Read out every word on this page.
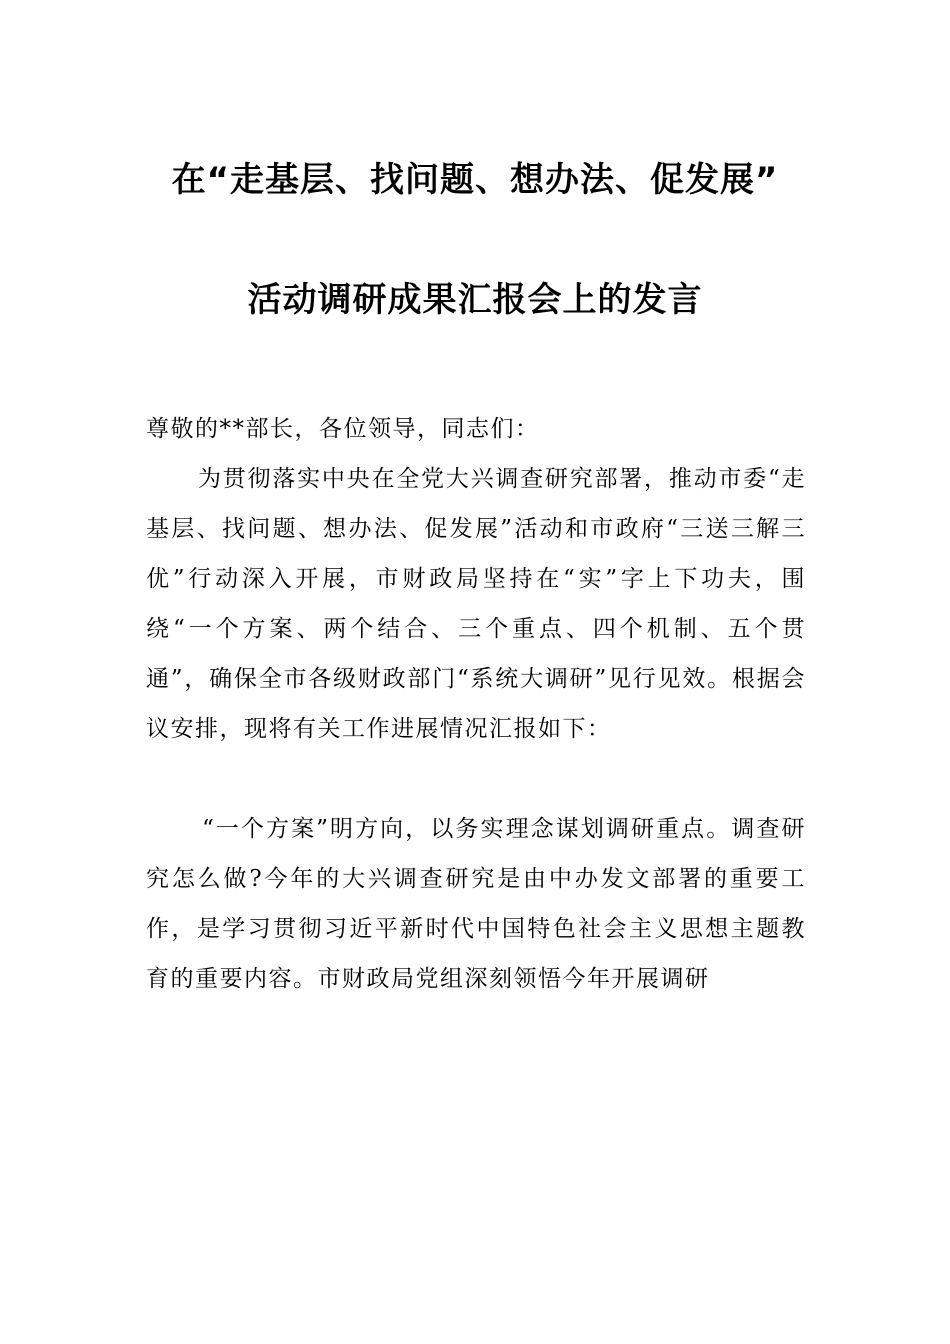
在“走基层、找问题、想办法、促发展”
活动调研成果汇报会上的发言
尊敬的**部长，各位领导，同志们：
为贯彻落实中央在全党大兴调查研究部署，推动市委“走基层、找问题、想办法、促发展”活动和市政府“三送三解三优”行动深入开展，市财政局坚持在“实”字上下功夫，围绕“一个方案、两个结合、三个重点、四个机制、五个贯通”，确保全市各级财政部门“系统大调研”见行见效。根据会议安排，现将有关工作进展情况汇报如下：
“一个方案”明方向，以务实理念谋划调研重点。调查研究怎么做?今年的大兴调查研究是由中办发文部署的重要工作，是学习贯彻习近平新时代中国特色社会主义思想主题教育的重要内容。市财政局党组深刻领悟今年开展调研
